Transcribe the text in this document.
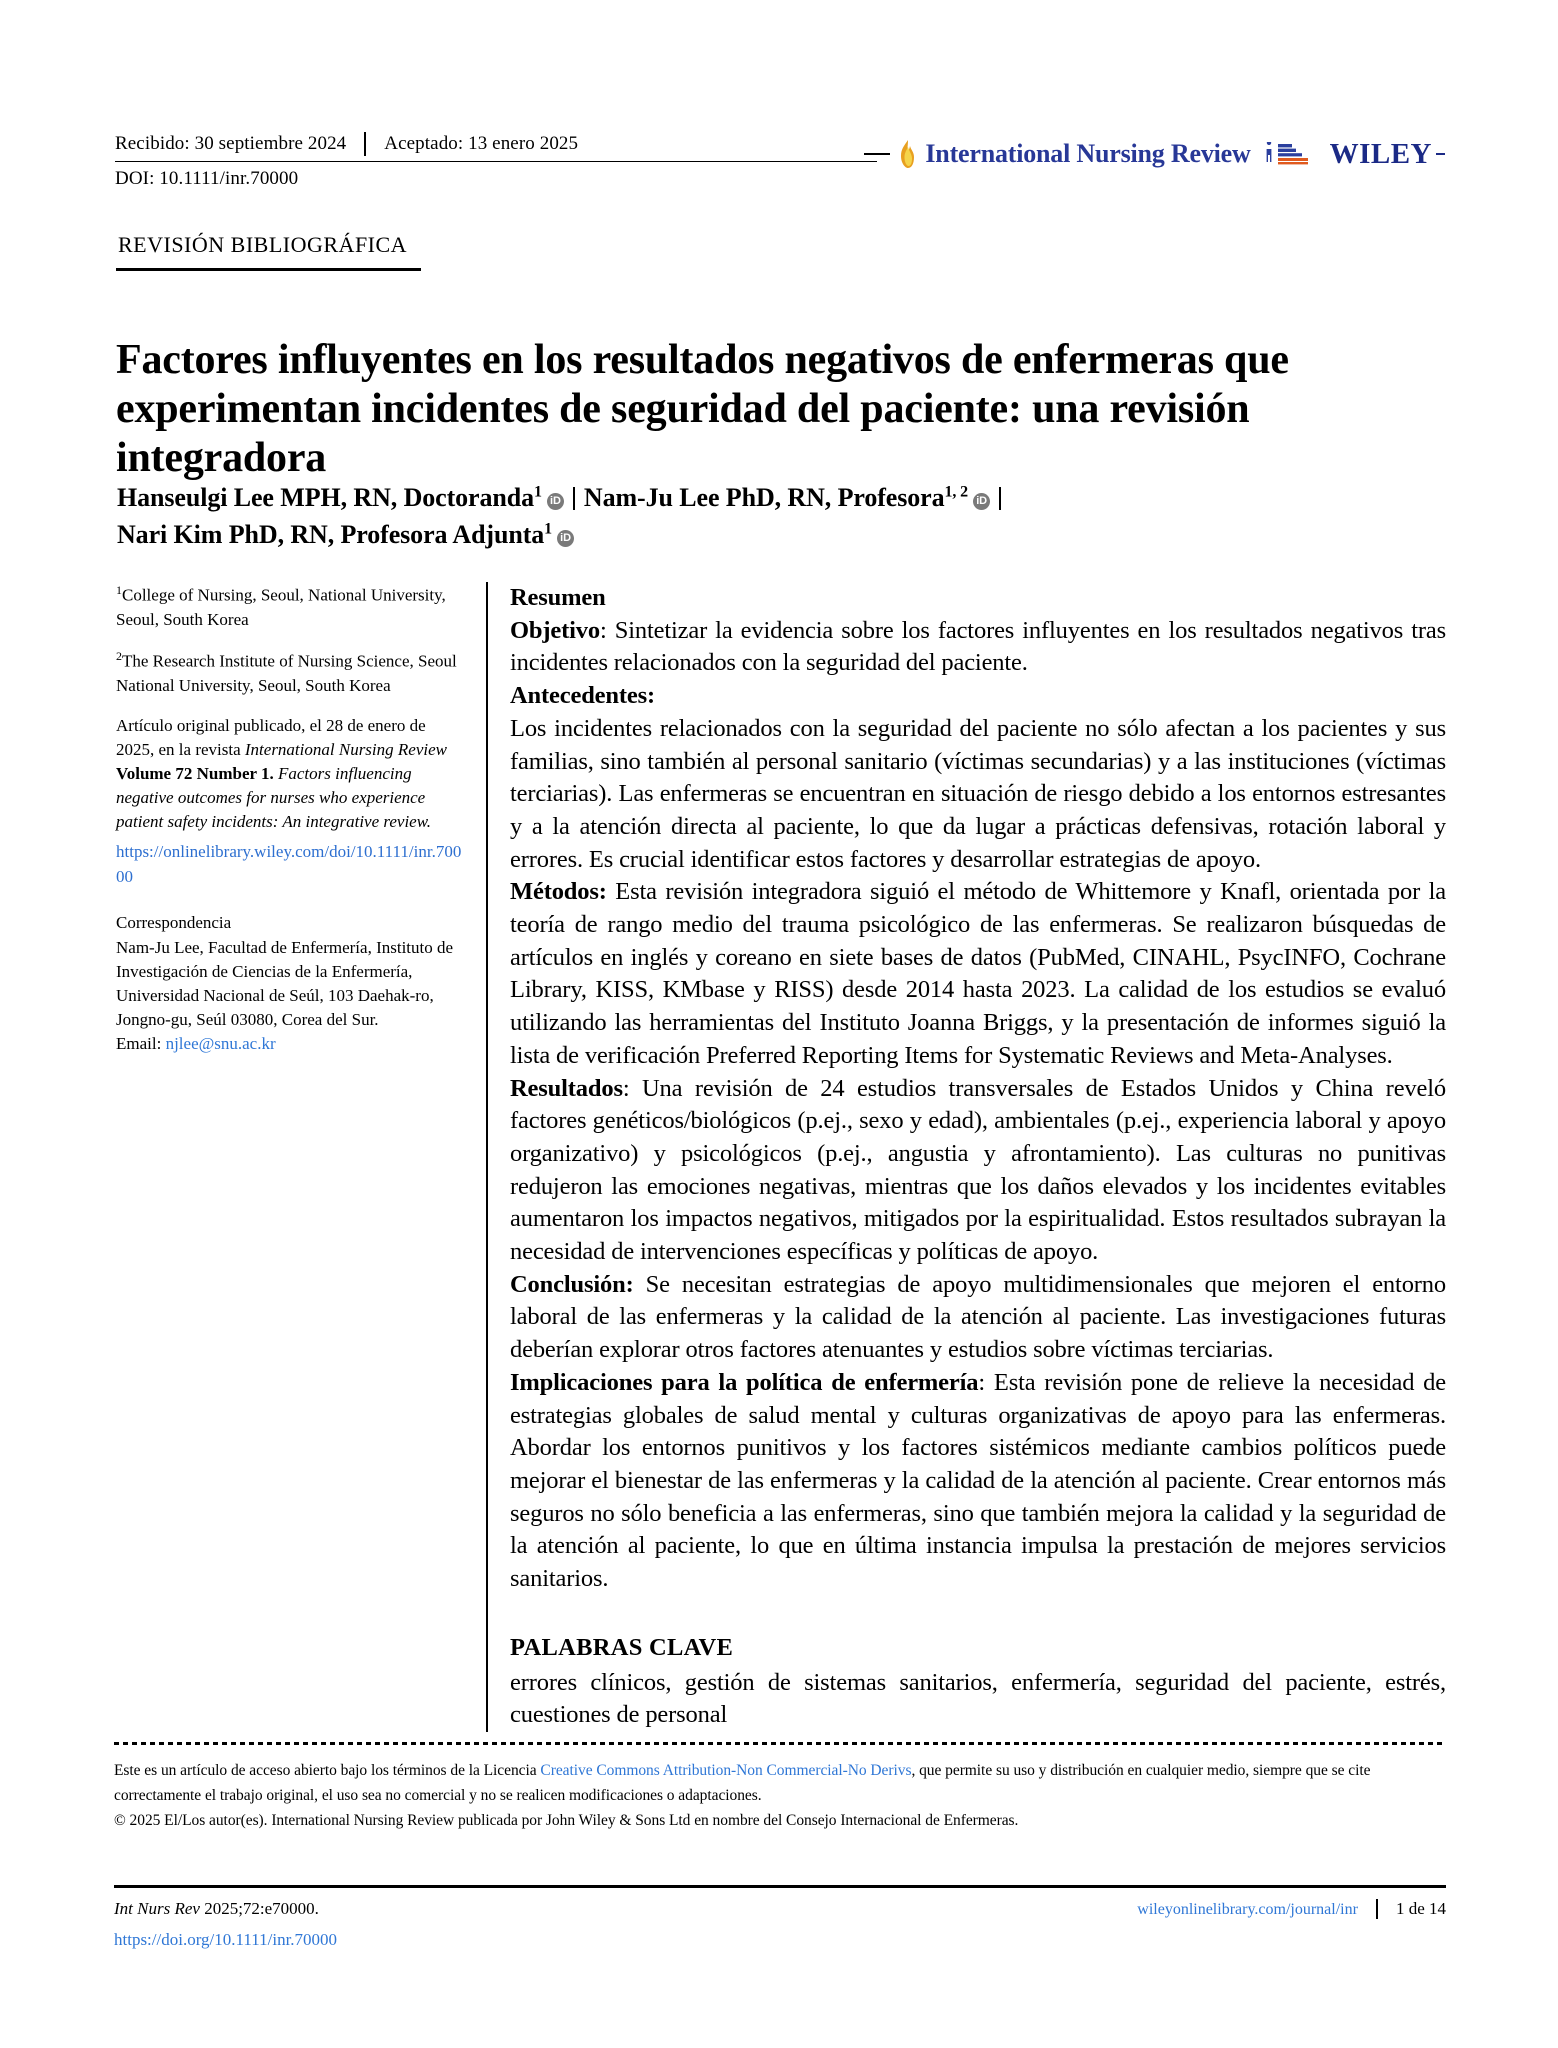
Recibido: 30 septiembre 2024	Aceptado: 13 enero 2025
DOI: 10.1111/inr.70000
International Nursing Review	WILEY
REVISIÓN BIBLIOGRÁFICA
Factores influyentes en los resultados negativos de enfermeras que experimentan incidentes de seguridad del paciente: una revisión integradora
Hanseulgi Lee MPH, RN, Doctoranda$^1$iD Nam-Ju Lee PhD, RN, Profesora$^{1, 2}$iD
Nari Kim PhD, RN, Profesora Adjunta$^1$iD
$^1$College of Nursing, Seoul, National University, Seoul, South Korea
$^2$The Research Institute of Nursing Science, Seoul National University, Seoul, South Korea
Artículo original publicado, el 28 de enero de 2025, en la revista International Nursing Review Volume 72 Number 1. Factors influencing negative outcomes for nurses who experience patient safety incidents: An integrative review.
https://onlinelibrary.wiley.com/doi/10.1111/inr.70000
Correspondencia
Nam-Ju Lee, Facultad de Enfermería, Instituto de Investigación de Ciencias de la Enfermería, Universidad Nacional de Seúl, 103 Daehak-ro, Jongno-gu, Seúl 03080, Corea del Sur.
Email: njlee@snu.ac.kr
Resumen

Objetivo: Sintetizar la evidencia sobre los factores influyentes en los resultados negativos tras incidentes relacionados con la seguridad del paciente.

Antecedentes:

Los incidentes relacionados con la seguridad del paciente no sólo afectan a los pacientes y sus familias, sino también al personal sanitario (víctimas secundarias) y a las instituciones (víctimas terciarias). Las enfermeras se encuentran en situación de riesgo debido a los entornos estresantes y a la atención directa al paciente, lo que da lugar a prácticas defensivas, rotación laboral y errores. Es crucial identificar estos factores y desarrollar estrategias de apoyo.

Métodos: Esta revisión integradora siguió el método de Whittemore y Knafl, orientada por la teoría de rango medio del trauma psicológico de las enfermeras. Se realizaron búsquedas de artículos en inglés y coreano en siete bases de datos (PubMed, CINAHL, PsycINFO, Cochrane Library, KISS, KMbase y RISS) desde 2014 hasta 2023. La calidad de los estudios se evaluó utilizando las herramientas del Instituto Joanna Briggs, y la presentación de informes siguió la lista de verificación Preferred Reporting Items for Systematic Reviews and Meta-Analyses.

Resultados: Una revisión de 24 estudios transversales de Estados Unidos y China reveló factores genéticos/biológicos (p.ej., sexo y edad), ambientales (p.ej., experiencia laboral y apoyo organizativo) y psicológicos (p.ej., angustia y afrontamiento). Las culturas no punitivas redujeron las emociones negativas, mientras que los daños elevados y los incidentes evitables aumentaron los impactos negativos, mitigados por la espiritualidad. Estos resultados subrayan la necesidad de intervenciones específicas y políticas de apoyo.

Conclusión: Se necesitan estrategias de apoyo multidimensionales que mejoren el entorno laboral de las enfermeras y la calidad de la atención al paciente. Las investigaciones futuras deberían explorar otros factores atenuantes y estudios sobre víctimas terciarias.

Implicaciones para la política de enfermería: Esta revisión pone de relieve la necesidad de estrategias globales de salud mental y culturas organizativas de apoyo para las enfermeras. Abordar los entornos punitivos y los factores sistémicos mediante cambios políticos puede mejorar el bienestar de las enfermeras y la calidad de la atención al paciente. Crear entornos más seguros no sólo beneficia a las enfermeras, sino que también mejora la calidad y la seguridad de la atención al paciente, lo que en última instancia impulsa la prestación de mejores servicios sanitarios.

PALABRAS CLAVE
errores clínicos, gestión de sistemas sanitarios, enfermería, seguridad del paciente, estrés, cuestiones de personal
Este es un artículo de acceso abierto bajo los términos de la Licencia Creative Commons Attribution-Non Commercial-No Derivs, que permite su uso y distribución en cualquier medio, siempre que se cite correctamente el trabajo original, el uso sea no comercial y no se realicen modificaciones o adaptaciones.
© 2025 El/Los autor(es). International Nursing Review publicada por John Wiley & Sons Ltd en nombre del Consejo Internacional de Enfermeras.
Int Nurs Rev 2025;72:e70000.	wileyonlinelibrary.com/journal/inr 1 de 14
https://doi.org/10.1111/inr.70000
